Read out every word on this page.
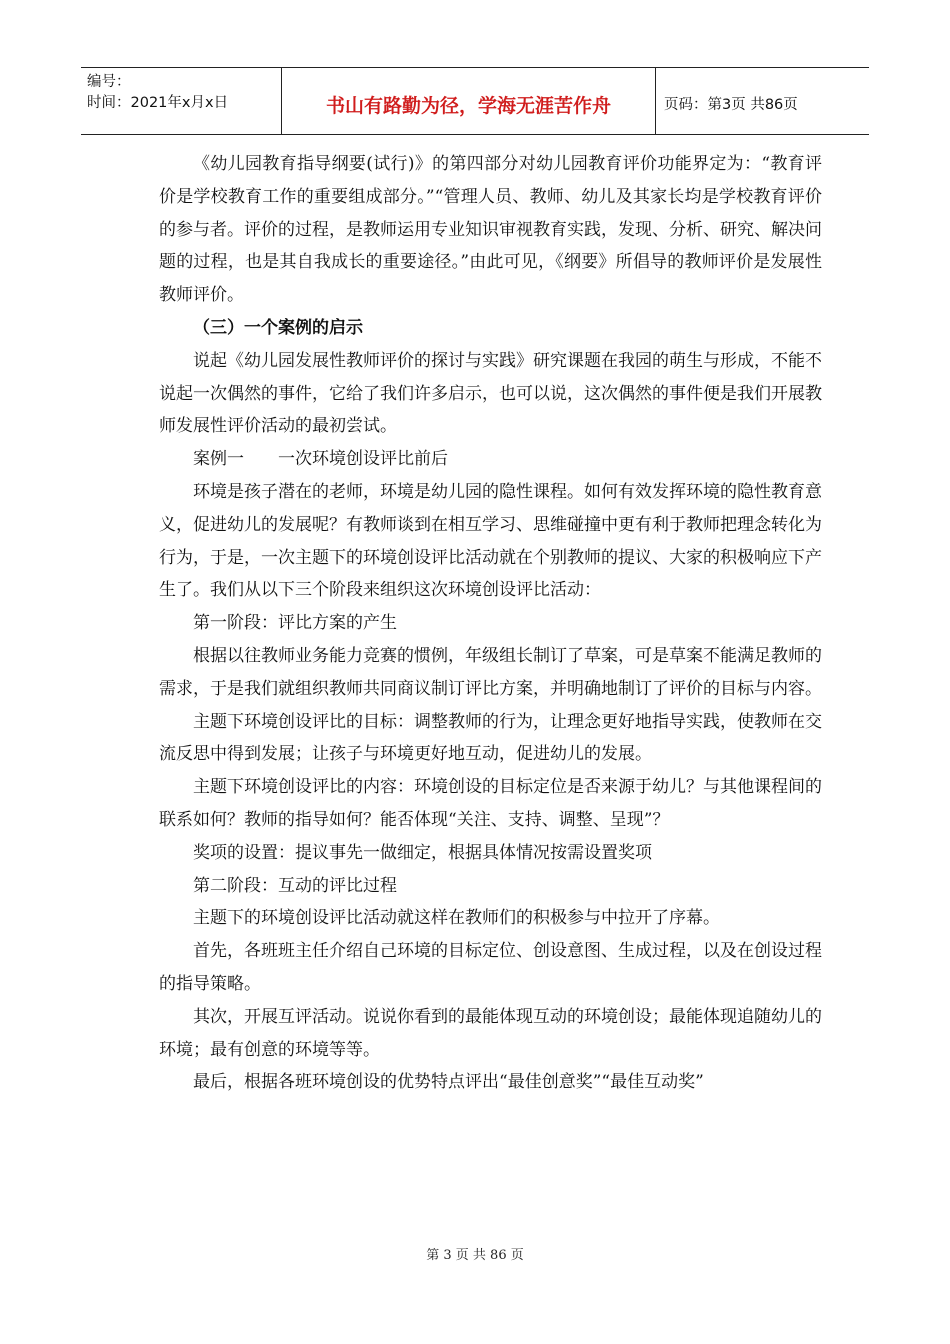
编号：
时间：2021年x月x日	书山有路勤为径，学海无涯苦作舟	页码：第3页 共86页

《幼儿园教育指导纲要(试行)》的第四部分对幼儿园教育评价功能界定为：“教育评价是学校教育工作的重要组成部分。”“管理人员、教师、幼儿及其家长均是学校教育评价的参与者。评价的过程，是教师运用专业知识审视教育实践，发现、分析、研究、解决问题的过程，也是其自我成长的重要途径。”由此可见，《纲要》所倡导的教师评价是发展性教师评价。

（三）一个案例的启示

说起《幼儿园发展性教师评价的探讨与实践》研究课题在我园的萌生与形成，不能不说起一次偶然的事件，它给了我们许多启示，也可以说，这次偶然的事件便是我们开展教师发展性评价活动的最初尝试。

案例一　　一次环境创设评比前后

环境是孩子潜在的老师，环境是幼儿园的隐性课程。如何有效发挥环境的隐性教育意义，促进幼儿的发展呢？有教师谈到在相互学习、思维碰撞中更有利于教师把理念转化为行为，于是，一次主题下的环境创设评比活动就在个别教师的提议、大家的积极响应下产生了。我们从以下三个阶段来组织这次环境创设评比活动：

第一阶段：评比方案的产生

根据以往教师业务能力竞赛的惯例，年级组长制订了草案，可是草案不能满足教师的需求，于是我们就组织教师共同商议制订评比方案，并明确地制订了评价的目标与内容。

主题下环境创设评比的目标：调整教师的行为，让理念更好地指导实践，使教师在交流反思中得到发展；让孩子与环境更好地互动，促进幼儿的发展。

主题下环境创设评比的内容：环境创设的目标定位是否来源于幼儿？与其他课程间的联系如何？教师的指导如何？能否体现“关注、支持、调整、呈现”？

奖项的设置：提议事先一做细定，根据具体情况按需设置奖项

第二阶段：互动的评比过程

主题下的环境创设评比活动就这样在教师们的积极参与中拉开了序幕。

首先，各班班主任介绍自己环境的目标定位、创设意图、生成过程，以及在创设过程的指导策略。

其次，开展互评活动。说说你看到的最能体现互动的环境创设；最能体现追随幼儿的环境；最有创意的环境等等。

最后，根据各班环境创设的优势特点评出“最佳创意奖”“最佳互动奖”

第 3 页 共 86 页
